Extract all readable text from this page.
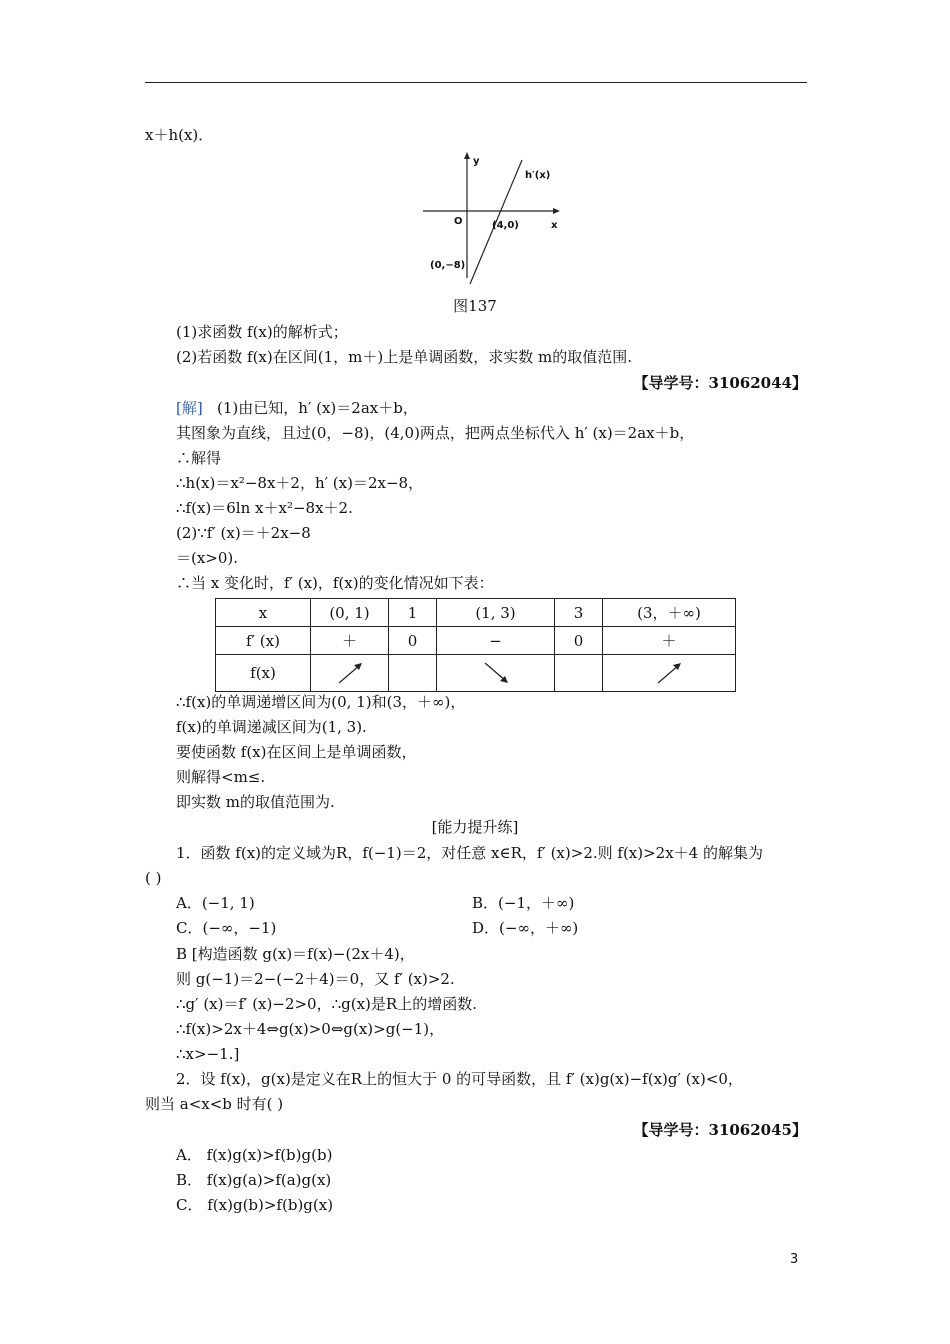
x＋h(x)．
y
x
O
h′(x)
(4,0)
(0,−8)
图137
(1)求函数 f(x)的解析式；
(2)若函数 f(x)在区间(1，m＋)上是单调函数，求实数 m的取值范围.
【导学号：31062044】
[解] (1)由已知，h′ (x)＝2ax＋b，
其图象为直线，且过(0，−8)，(4,0)两点，把两点坐标代入 h′ (x)＝2ax＋b，
∴解得
∴h(x)＝x²−8x＋2，h′ (x)＝2x−8，
∴f(x)＝6ln x＋x²−8x＋2.
(2)∵f′ (x)＝＋2x−8
＝(x>0).
∴当 x 变化时，f′ (x)，f(x)的变化情况如下表：
x	(0, 1)	1	(1, 3)	3	(3，＋∞)
f′ (x)	＋	0	−	0	＋
f(x)					
∴f(x)的单调递增区间为(0, 1)和(3，＋∞)，
f(x)的单调递减区间为(1, 3).
要使函数 f(x)在区间上是单调函数，
则解得<m≤.
即实数 m的取值范围为.
[能力提升练]
1．函数 f(x)的定义域为R，f(−1)＝2，对任意 x∈R，f′ (x)>2.则 f(x)>2x＋4 的解集为
( )
A．(−1, 1)	B．(−1，＋∞)
C．(−∞，−1)	D．(−∞，＋∞)
B [构造函数 g(x)＝f(x)−(2x＋4)，
则 g(−1)＝2−(−2＋4)＝0，又 f′ (x)>2.
∴g′ (x)＝f′ (x)−2>0，∴g(x)是R上的增函数.
∴f(x)>2x＋4⇔g(x)>0⇔g(x)>g(−1)，
∴x>−1.]
2．设 f(x)，g(x)是定义在R上的恒大于 0 的可导函数，且 f′ (x)g(x)−f(x)g′ (x)<0，
则当 a<x<b 时有( )
【导学号：31062045】
A． f(x)g(x)>f(b)g(b)
B． f(x)g(a)>f(a)g(x)
C． f(x)g(b)>f(b)g(x)
3
